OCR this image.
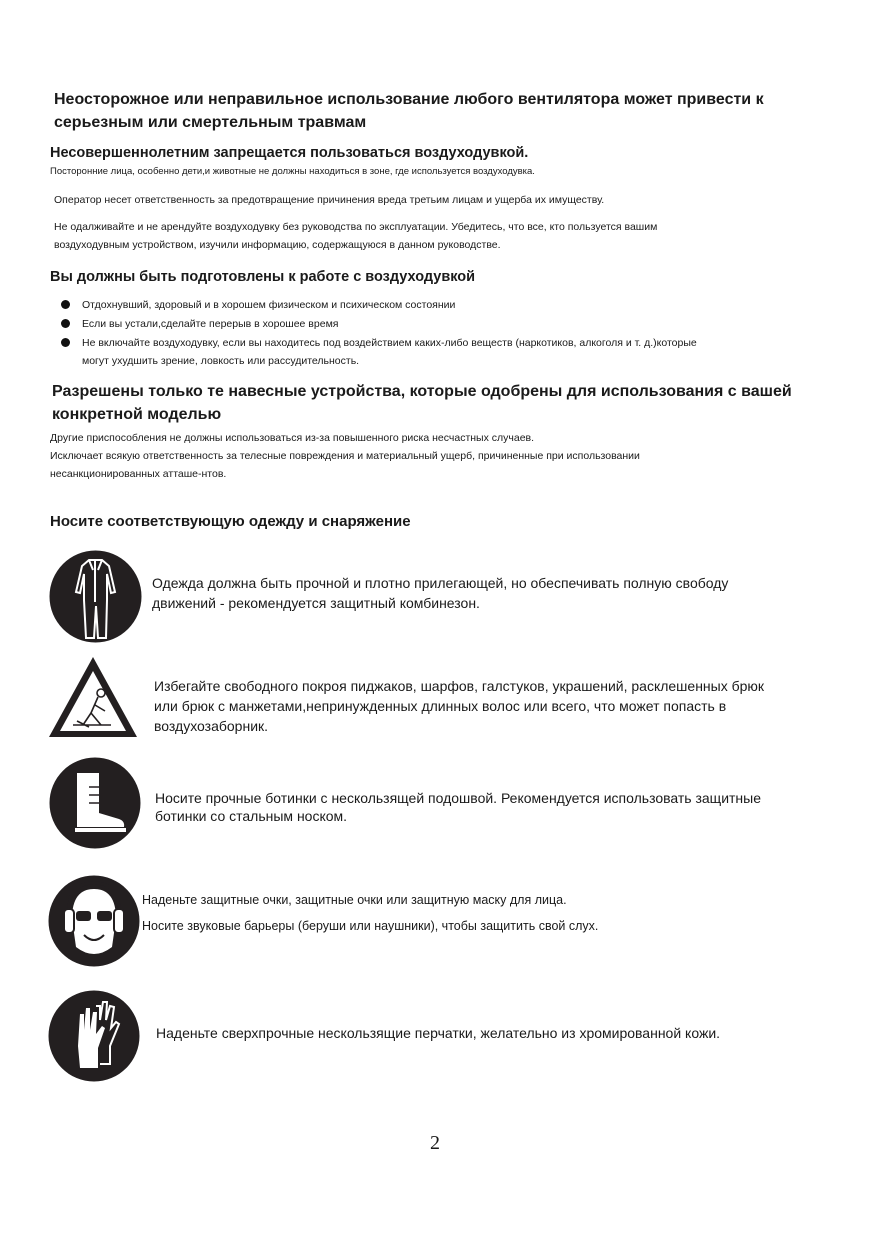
Неосторожное или неправильное использование любого вентилятора может привести к серьезным или смертельным травмам
Несовершеннолетним запрещается пользоваться воздуходувкой.
Посторонние лица, особенно дети,и животные не должны находиться в зоне, где используется воздуходувка.
Оператор несет ответственность за предотвращение причинения вреда третьим лицам и ущерба их имуществу.
Не одалживайте и не арендуйте воздуходувку без руководства по эксплуатации. Убедитесь, что все, кто пользуется вашим
воздуходувным устройством, изучили информацию, содержащуюся в данном руководстве.
Вы должны быть подготовлены к работе с воздуходувкой
Отдохнувший, здоровый и в хорошем физическом и психическом состоянии
Если вы устали,сделайте перерыв в хорошее время
Не включайте воздуходувку, если вы находитесь под воздействием каких-либо веществ (наркотиков, алкоголя и т. д.)которые
могут ухудшить зрение, ловкость или рассудительность.
Разрешены только те навесные устройства, которые одобрены для использования с вашей конкретной моделью
Другие приспособления не должны использоваться из-за повышенного риска несчастных случаев.
Исключает всякую ответственность за телесные повреждения и материальный ущерб, причиненные при использовании
несанкционированных атташе-нтов.
Носите соответствующую одежду и снаряжение
Одежда должна быть прочной и плотно прилегающей, но обеспечивать полную свободу
движений - рекомендуется защитный комбинезон.
Избегайте свободного покроя пиджаков, шарфов, галстуков, украшений, расклешенных брюк
или брюк с манжетами,непринужденных длинных волос или всего, что может попасть в
воздухозаборник.
Носите прочные ботинки с нескользящей подошвой. Рекомендуется использовать защитные
ботинки со стальным носком.
Наденьте защитные очки, защитные очки или защитную маску для лица.
Носите звуковые барьеры (беруши или наушники), чтобы защитить свой слух.
Наденьте сверхпрочные нескользящие перчатки, желательно из хромированной кожи.
2
